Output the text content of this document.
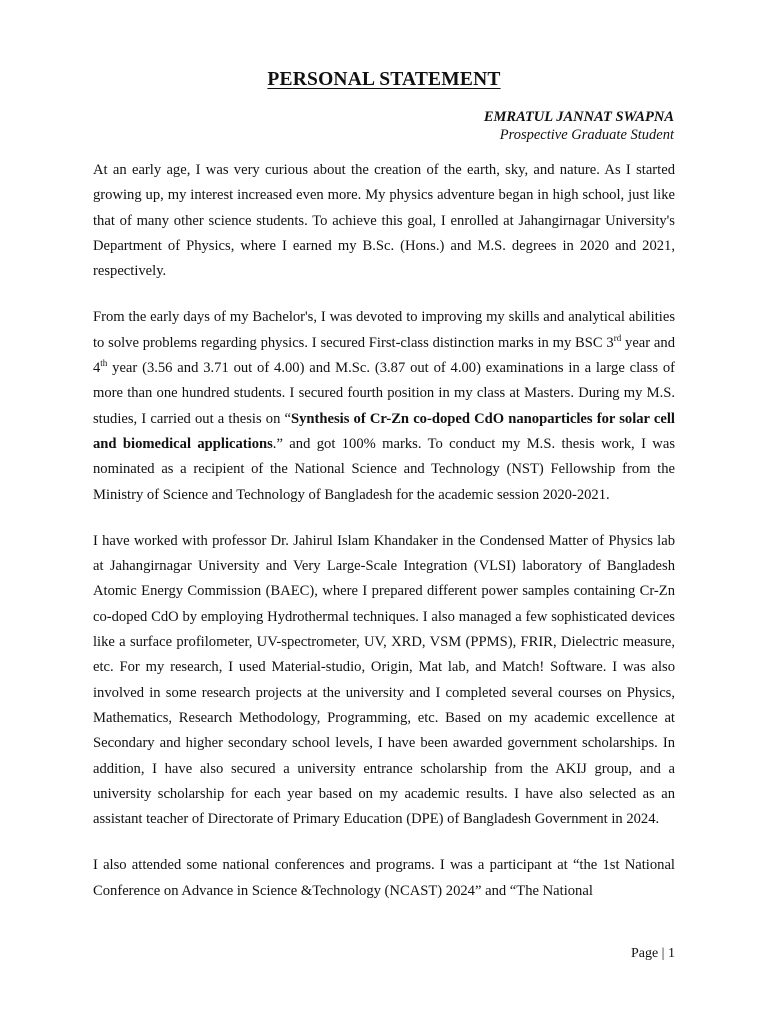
PERSONAL STATEMENT
EMRATUL JANNAT SWAPNA
Prospective Graduate Student

At an early age, I was very curious about the creation of the earth, sky, and nature. As I started growing up, my interest increased even more. My physics adventure began in high school, just like that of many other science students. To achieve this goal, I enrolled at Jahangirnagar University's Department of Physics, where I earned my B.Sc. (Hons.) and M.S. degrees in 2020 and 2021, respectively.

From the early days of my Bachelor's, I was devoted to improving my skills and analytical abilities to solve problems regarding physics. I secured First-class distinction marks in my BSC 3rd year and 4th year (3.56 and 3.71 out of 4.00) and M.Sc. (3.87 out of 4.00) examinations in a large class of more than one hundred students. I secured fourth position in my class at Masters. During my M.S. studies, I carried out a thesis on “Synthesis of Cr-Zn co-doped CdO nanoparticles for solar cell and biomedical applications.” and got 100% marks. To conduct my M.S. thesis work, I was nominated as a recipient of the National Science and Technology (NST) Fellowship from the Ministry of Science and Technology of Bangladesh for the academic session 2020-2021.

I have worked with professor Dr. Jahirul Islam Khandaker in the Condensed Matter of Physics lab at Jahangirnagar University and Very Large-Scale Integration (VLSI) laboratory of Bangladesh Atomic Energy Commission (BAEC), where I prepared different power samples containing Cr-Zn co-doped CdO by employing Hydrothermal techniques. I also managed a few sophisticated devices like a surface profilometer, UV-spectrometer, UV, XRD, VSM (PPMS), FRIR, Dielectric measure, etc. For my research, I used Material-studio, Origin, Mat lab, and Match! Software. I was also involved in some research projects at the university and I completed several courses on Physics, Mathematics, Research Methodology, Programming, etc. Based on my academic excellence at Secondary and higher secondary school levels, I have been awarded government scholarships. In addition, I have also secured a university entrance scholarship from the AKIJ group, and a university scholarship for each year based on my academic results. I have also selected as an assistant teacher of Directorate of Primary Education (DPE) of Bangladesh Government in 2024.

I also attended some national conferences and programs. I was a participant at “the 1st National Conference on Advance in Science &Technology (NCAST) 2024” and “The National

Page | 1
